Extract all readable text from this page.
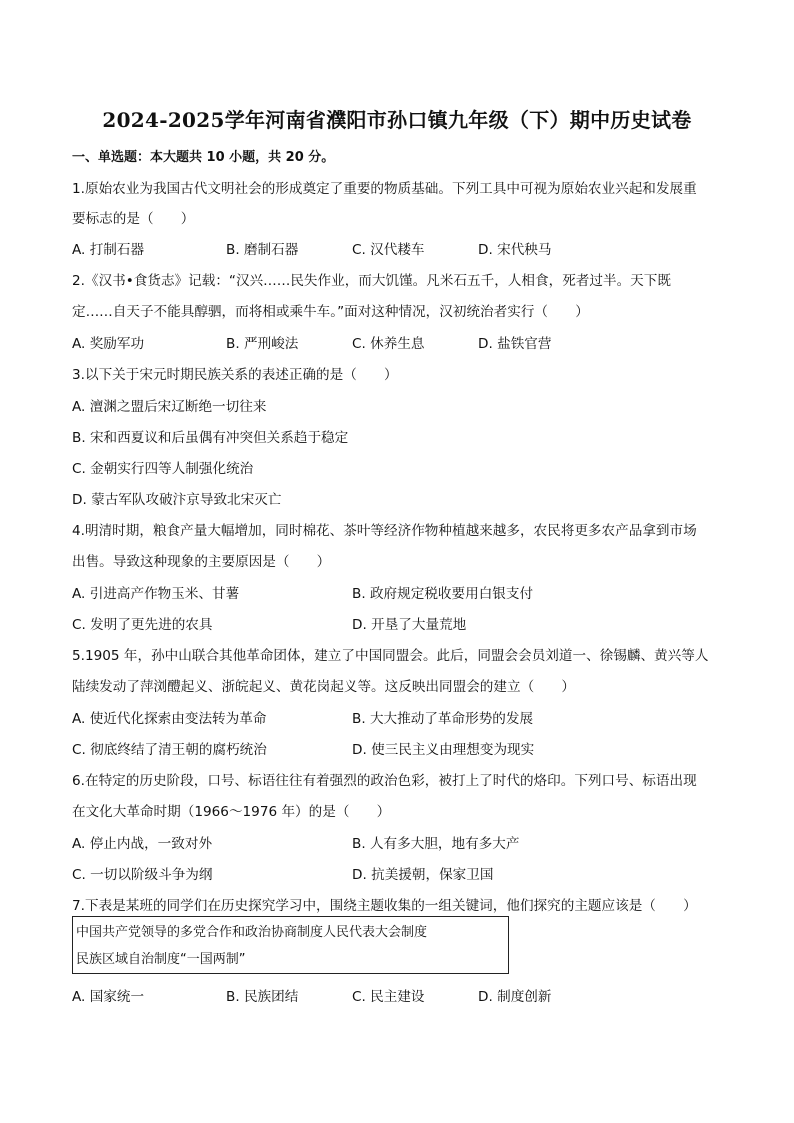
2024-2025学年河南省濮阳市孙口镇九年级（下）期中历史试卷
一、单选题：本大题共 10 小题，共 20 分。
1.原始农业为我国古代文明社会的形成奠定了重要的物质基础。下列工具中可视为原始农业兴起和发展重
要标志的是（　　）
A. 打制石器	B. 磨制石器	C. 汉代耧车	D. 宋代秧马
2.《汉书•食货志》记载：“汉兴……民失作业，而大饥馑。凡米石五千，人相食，死者过半。天下既
定……自天子不能具醇驷，而将相或乘牛车。”面对这种情况，汉初统治者实行（　　）
A. 奖励军功	B. 严刑峻法	C. 休养生息	D. 盐铁官营
3.以下关于宋元时期民族关系的表述正确的是（　　）
A. 澶渊之盟后宋辽断绝一切往来
B. 宋和西夏议和后虽偶有冲突但关系趋于稳定
C. 金朝实行四等人制强化统治
D. 蒙古军队攻破汴京导致北宋灭亡
4.明清时期，粮食产量大幅增加，同时棉花、茶叶等经济作物种植越来越多，农民将更多农产品拿到市场
出售。导致这种现象的主要原因是（　　）
A. 引进高产作物玉米、甘薯	B. 政府规定税收要用白银支付
C. 发明了更先进的农具	D. 开垦了大量荒地
5.1905 年，孙中山联合其他革命团体，建立了中国同盟会。此后，同盟会会员刘道一、徐锡麟、黄兴等人
陆续发动了萍浏醴起义、浙皖起义、黄花岗起义等。这反映出同盟会的建立（　　）
A. 使近代化探索由变法转为革命	B. 大大推动了革命形势的发展
C. 彻底终结了清王朝的腐朽统治	D. 使三民主义由理想变为现实
6.在特定的历史阶段，口号、标语往往有着强烈的政治色彩，被打上了时代的烙印。下列口号、标语出现
在文化大革命时期（1966～1976 年）的是（　　）
A. 停止内战，一致对外	B. 人有多大胆，地有多大产
C. 一切以阶级斗争为纲	D. 抗美援朝，保家卫国
7.下表是某班的同学们在历史探究学习中，围绕主题收集的一组关键词，他们探究的主题应该是（　　）
中国共产党领导的多党合作和政治协商制度人民代表大会制度
民族区域自治制度“一国两制”
A. 国家统一	B. 民族团结	C. 民主建设	D. 制度创新
